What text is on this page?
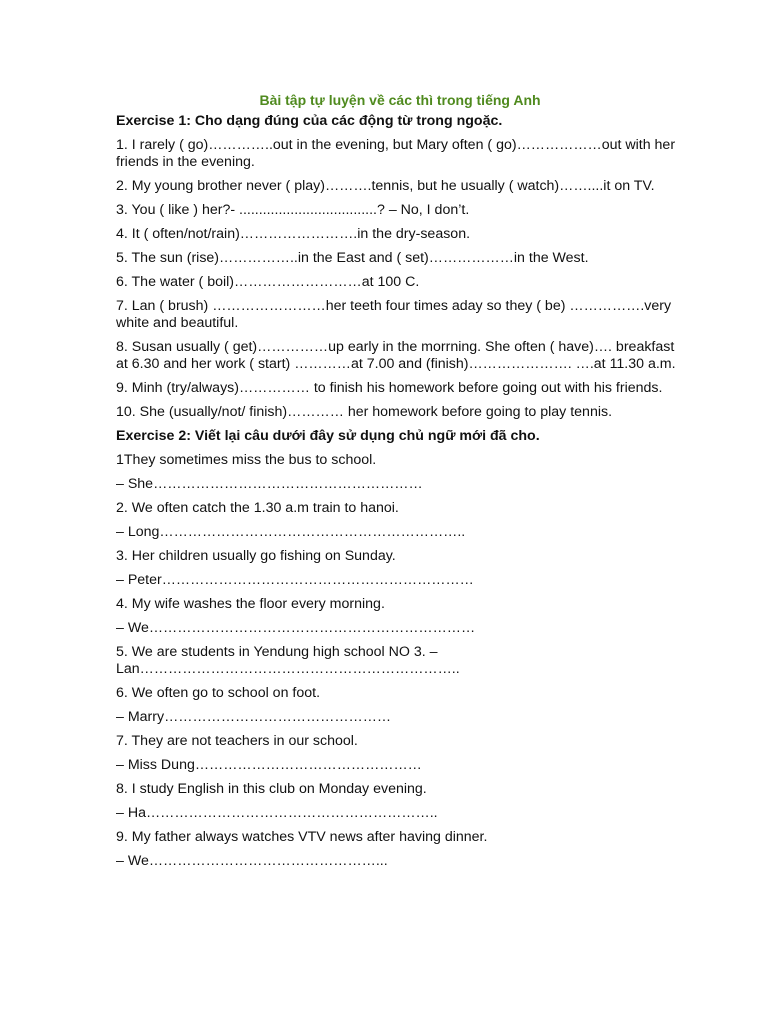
Bài tập tự luyện về các thì trong tiếng Anh
Exercise 1: Cho dạng đúng của các động từ trong ngoặc.
1. I rarely ( go)…………..out in the evening, but Mary often ( go)………………out with her friends in the evening.
2. My young brother never ( play)……….tennis, but he usually ( watch)……....it on TV.
3. You ( like ) her?- ...................................? – No, I don’t.
4. It ( often/not/rain)…………………….in the dry-season.
5. The sun (rise)……………..in the East and ( set)………………in the West.
6. The water ( boil)………………………at 100 C.
7. Lan ( brush) ……………………her teeth four times aday so they ( be) …………….very white and beautiful.
8. Susan usually ( get)……………up early in the morrning. She often ( have)…. breakfast at 6.30 and her work ( start) …………at 7.00 and (finish)…………………. ….at 11.30 a.m.
9. Minh (try/always)…………… to finish his homework before going out with his friends.
10. She (usually/not/ finish)………… her homework before going to play tennis.
Exercise 2: Viết lại câu dưới đây sử dụng chủ ngữ mới đã cho.
1They sometimes miss the bus to school.
– She…………………………………………………
2. We often catch the 1.30 a.m train to hanoi.
– Long………………………………………………………..
3. Her children usually go fishing on Sunday.
– Peter…………………………………………………………
4. My wife washes the floor every morning.
– We……………………………………………………………
5. We are students in Yendung high school NO 3. – Lan…………………………………………………………..
6. We often go to school on foot.
– Marry…………………………………………
7. They are not teachers in our school.
– Miss Dung…………………………………………
8. I study English in this club on Monday evening.
– Ha……………………………………………………..
9. My father always watches VTV news after having dinner.
– We…………………………………………...
